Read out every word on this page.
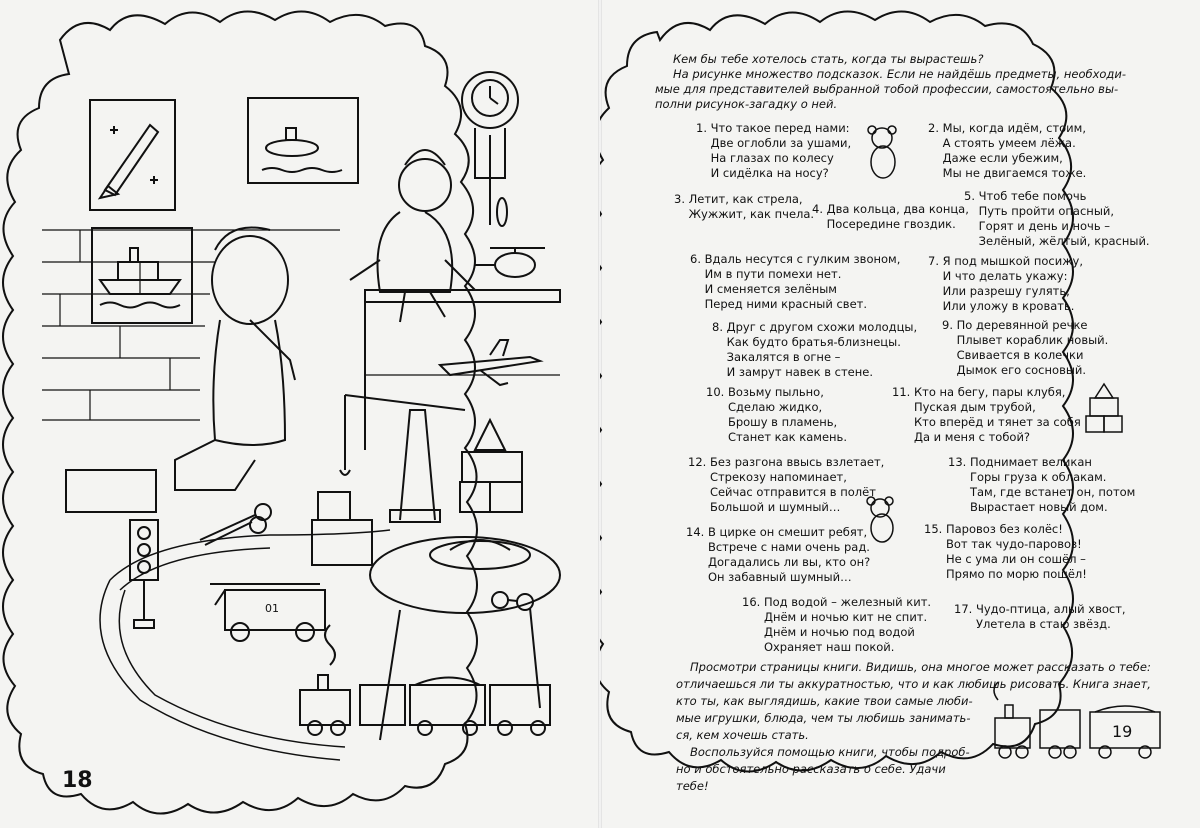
01
18

Кем бы тебе хотелось стать, когда ты вырастешь?

На рисунке множество подсказок. Если не найдёшь предметы, необходи-

мые для представителей выбранной тобой профессии, самостоятельно вы-

полни рисунок-загадку о ней.

1. Что такое перед нами:
Две оглобли за ушами,
На глазах по колесу
И сидёлка на носу?
2. Мы, когда идём, стоим,
А стоять умеем лёжа.
Даже если убежим,
Мы не двигаемся тоже.
3. Летит, как стрела,
Жужжит, как пчела.
4. Два кольца, два конца,
Посередине гвоздик.
5. Чтоб тебе помочь
Путь пройти опасный,
Горят и день и ночь –
Зелёный, жёлтый, красный.
6. Вдаль несутся с гулким звоном,
Им в пути помехи нет.
И сменяется зелёным
Перед ними красный свет.
7. Я под мышкой посижу,
И что делать укажу:
Или разрешу гулять,
Или уложу в кровать.
8. Друг с другом схожи молодцы,
Как будто братья-близнецы.
Закалятся в огне –
И замрут навек в стене.
9. По деревянной речке
Плывет кораблик новый.
Свивается в колечки
Дымок его сосновый.
10. Возьму пыльно,
Сделаю жидко,
Брошу в пламень,
Станет как камень.
11. Кто на бегу, пары клубя,
Пуская дым трубой,
Кто вперёд и тянет за собя
Да и меня с тобой?
12. Без разгона ввысь взлетает,
Стрекозу напоминает,
Сейчас отправится в полёт
Большой и шумный…
13. Поднимает великан
Горы груза к облакам.
Там, где встанет он, потом
Вырастает новый дом.
14. В цирке он смешит ребят,
Встрече с нами очень рад.
Догадались ли вы, кто он?
Он забавный шумный…
15. Паровоз без колёс!
Вот так чудо-паровоз!
Не с ума ли он сошёл –
Прямо по морю пошёл!
16. Под водой – железный кит.
Днём и ночью кит не спит.
Днём и ночью под водой
Охраняет наш покой.
17. Чудо-птица, алый хвост,
Улетела в стаю звёзд.

Просмотри страницы книги. Видишь, она многое может рассказать о тебе:

отличаешься ли ты аккуратностью, что и как любишь рисовать. Книга знает,

кто ты, как выглядишь, какие твои самые люби-

мые игрушки, блюда, чем ты любишь занимать-

ся, кем хочешь стать.

Воспользуйся помощью книги, чтобы подроб-

но и обстоятельно рассказать о себе. Удачи

тебе!

19
